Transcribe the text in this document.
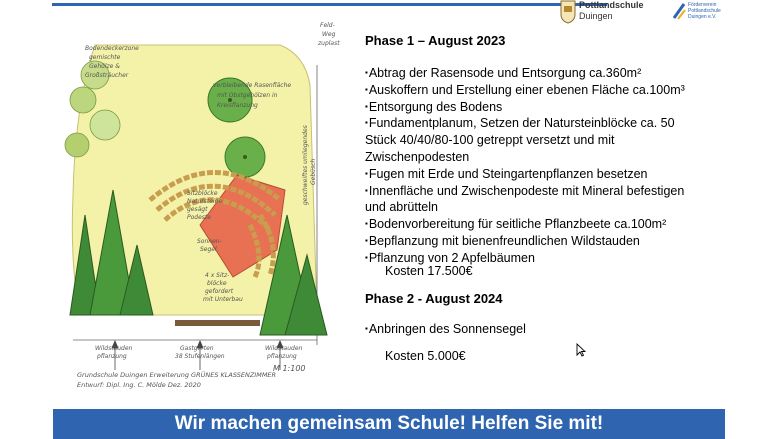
Pottlandschule
Duingen
Förderverein
Pottlandschule
Duingen e.V.
Bodendeckerzone
gemischte
Gehölze &
Großsträucher
Feld-
Weg
zuplast
verbleibende Rasenfläche
mit Obstgehölzen in
Kreisflanzung
geschweiftes umliegendes Gebüsch
Sitzblöcke
Natursteine
gesägt
Podeste
Sonnen-
Segel
4 x Sitz-
blöcke
gefordert
mit Unterbau
Wildstauden
pflanzung
Gastgarten
38 Stufenlängen
Wildstauden
pflanzung
M 1:100
Grundschule Duingen Erweiterung GRÜNES KLASSENZIMMER
Entwurf: Dipl. Ing. C. Mölde Dez. 2020
Phase 1 – August 2023
▪ Abtrag der Rasensode und Entsorgung ca.360m²
▪ Auskoffern und Erstellung einer ebenen Fläche ca.100m³
▪ Entsorgung des Bodens
▪ Fundamentplanum, Setzen der Natursteinblöcke ca. 50
Stück 40/40/80-100 getreppt versetzt und mit
Zwischenpodesten
▪ Fugen mit Erde und Steingartenpflanzen besetzen
▪ Innenfläche und Zwischenpodeste mit Mineral befestigen
und abrütteln
▪ Bodenvorbereitung für seitliche Pflanzbeete ca.100m²
▪ Bepflanzung mit bienenfreundlichen Wildstauden
▪ Pflanzung von 2 Apfelbäumen
Kosten 17.500€
Phase 2 - August 2024
▪ Anbringen des Sonnensegel
Kosten 5.000€
Wir machen gemeinsam Schule! Helfen Sie mit!
